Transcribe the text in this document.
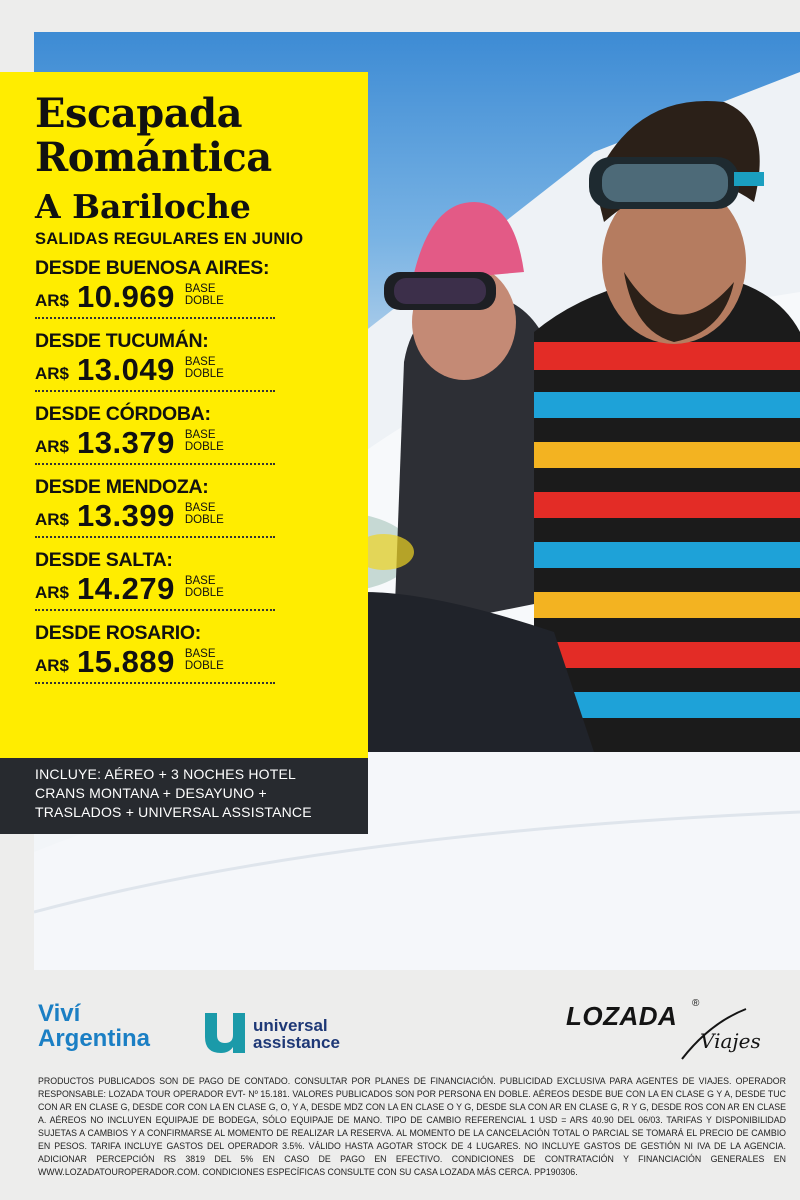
Escapada
Romántica
A Bariloche
SALIDAS REGULARES EN JUNIO
DESDE BUENOSA AIRES:
AR$ 10.969 BASE
DOBLE
DESDE TUCUMÁN:
AR$ 13.049 BASE
DOBLE
DESDE CÓRDOBA:
AR$ 13.379 BASE
DOBLE
DESDE MENDOZA:
AR$ 13.399 BASE
DOBLE
DESDE SALTA:
AR$ 14.279 BASE
DOBLE
DESDE ROSARIO:
AR$ 15.889 BASE
DOBLE
INCLUYE: AÉREO + 3 NOCHES HOTEL CRANS MONTANA + DESAYUNO + TRASLADOS + UNIVERSAL ASSISTANCE
Viví
Argentina	universal
assistance
LOZADA ®
Viajes
PRODUCTOS PUBLICADOS SON DE PAGO DE CONTADO. CONSULTAR POR PLANES DE FINANCIACIÓN. PUBLICIDAD EXCLUSIVA PARA AGENTES DE VIAJES. OPERADOR RESPONSABLE: LOZADA TOUR OPERADOR EVT- Nº 15.181. VALORES PUBLICADOS SON POR PERSONA EN DOBLE. AÉREOS DESDE BUE CON LA EN CLASE G Y A, DESDE TUC CON AR EN CLASE G, DESDE COR CON LA EN CLASE G, O, Y A, DESDE MDZ CON LA EN CLASE O Y G, DESDE SLA CON AR EN CLASE G, R Y G, DESDE ROS CON AR EN CLASE A. AÉREOS NO INCLUYEN EQUIPAJE DE BODEGA, SÓLO EQUIPAJE DE MANO. TIPO DE CAMBIO REFERENCIAL 1 USD = ARS 40.90 DEL 06/03. TARIFAS Y DISPONIBILIDAD SUJETAS A CAMBIOS Y A CONFIRMARSE AL MOMENTO DE REALIZAR LA RESERVA. AL MOMENTO DE LA CANCELACIÓN TOTAL O PARCIAL SE TOMARÁ EL PRECIO DE CAMBIO EN PESOS. TARIFA INCLUYE GASTOS DEL OPERADOR 3.5%. VÁLIDO HASTA AGOTAR STOCK DE 4 LUGARES. NO INCLUYE GASTOS DE GESTIÓN NI IVA DE LA AGENCIA. ADICIONAR PERCEPCIÓN RS 3819 DEL 5% EN CASO DE PAGO EN EFECTIVO. CONDICIONES DE CONTRATACIÓN Y FINANCIACIÓN GENERALES EN WWW.LOZADATOUROPERADOR.COM. CONDICIONES ESPECÍFICAS CONSULTE CON SU CASA LOZADA MÁS CERCA. PP190306.
